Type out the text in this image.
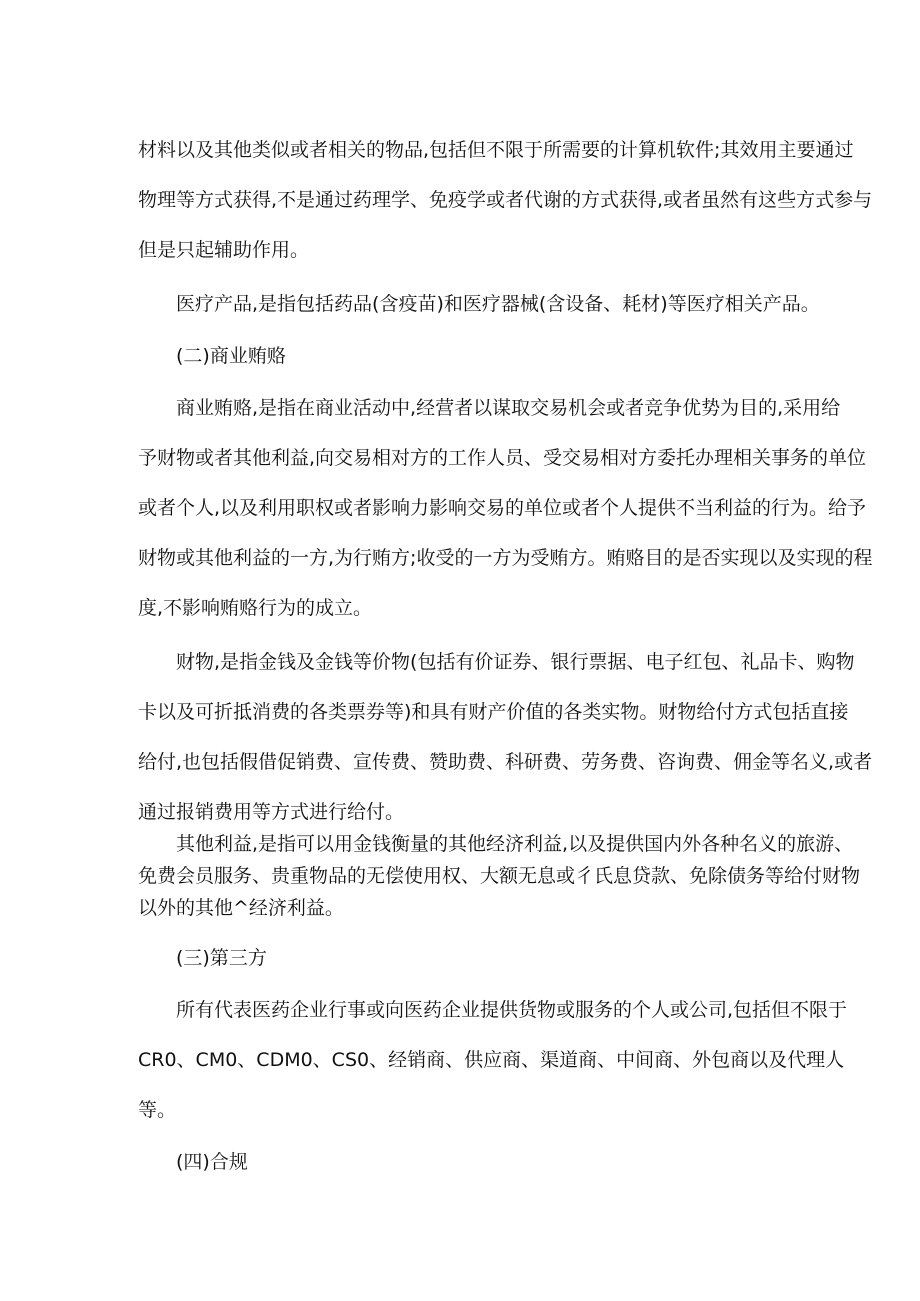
材料以及其他类似或者相关的物品,包括但不限于所需要的计算机软件;其效用主要通过
物理等方式获得,不是通过药理学、免疫学或者代谢的方式获得,或者虽然有这些方式参与
但是只起辅助作用。
医疗产品,是指包括药品(含疫苗)和医疗器械(含设备、耗材)等医疗相关产品。
(二)商业贿赂
商业贿赂,是指在商业活动中,经营者以谋取交易机会或者竞争优势为目的,采用给
予财物或者其他利益,向交易相对方的工作人员、受交易相对方委托办理相关事务的单位
或者个人,以及利用职权或者影响力影响交易的单位或者个人提供不当利益的行为。给予
财物或其他利益的一方,为行贿方;收受的一方为受贿方。贿赂目的是否实现以及实现的程
度,不影响贿赂行为的成立。
财物,是指金钱及金钱等价物(包括有价证券、银行票据、电子红包、礼品卡、购物
卡以及可折抵消费的各类票券等)和具有财产价值的各类实物。财物给付方式包括直接
给付,也包括假借促销费、宣传费、赞助费、科研费、劳务费、咨询费、佣金等名义,或者
通过报销费用等方式进行给付。
其他利益,是指可以用金钱衡量的其他经济利益,以及提供国内外各种名义的旅游、
免费会员服务、贵重物品的无偿使用权、大额无息或彳氏息贷款、免除债务等给付财物
以外的其他^经济利益。
(三)第三方
所有代表医药企业行事或向医药企业提供货物或服务的个人或公司,包括但不限于
CR0、CM0、CDM0、CS0、经销商、供应商、渠道商、中间商、外包商以及代理人
等。
(四)合规
